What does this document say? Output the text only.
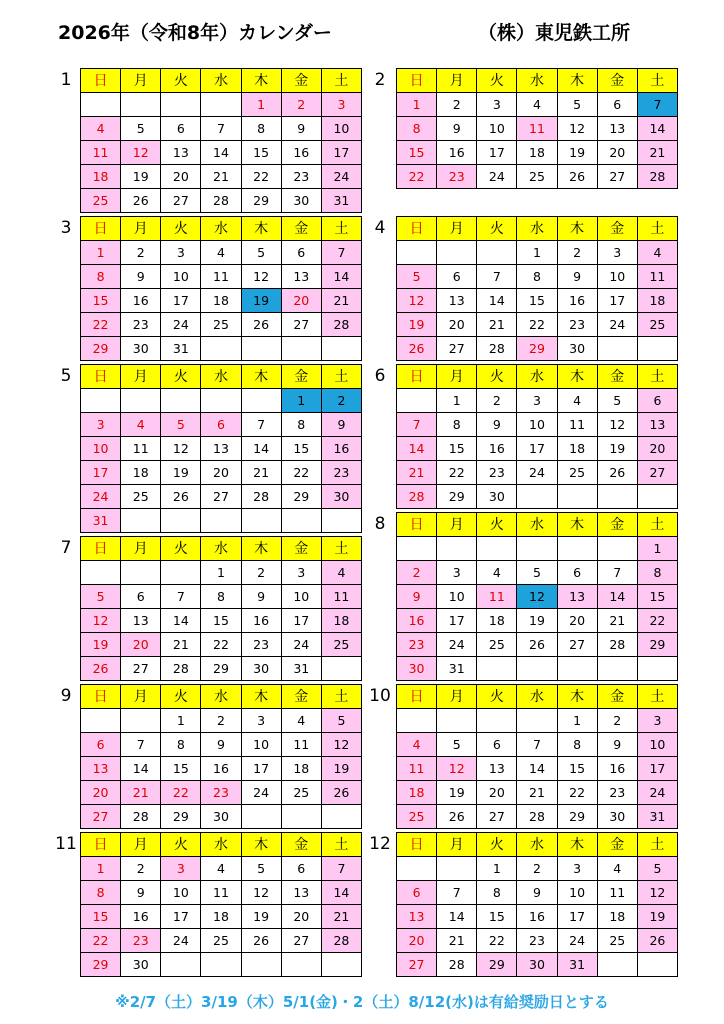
2026年（令和8年）カレンダー	（株）東児鉄工所
1	日	月	火	水	木	金	土
				1	2	3
4	5	6	7	8	9	10
11	12	13	14	15	16	17
18	19	20	21	22	23	24
25	26	27	28	29	30	31
3	日	月	火	水	木	金	土
1	2	3	4	5	6	7
8	9	10	11	12	13	14
15	16	17	18	19	20	21
22	23	24	25	26	27	28
29	30	31				
5	日	月	火	水	木	金	土
					1	2
3	4	5	6	7	8	9
10	11	12	13	14	15	16
17	18	19	20	21	22	23
24	25	26	27	28	29	30
31						
7	日	月	火	水	木	金	土
			1	2	3	4
5	6	7	8	9	10	11
12	13	14	15	16	17	18
19	20	21	22	23	24	25
26	27	28	29	30	31	
9	日	月	火	水	木	金	土
		1	2	3	4	5
6	7	8	9	10	11	12
13	14	15	16	17	18	19
20	21	22	23	24	25	26
27	28	29	30			
11 日	月	火	水	木	金	土
1	2	3	4	5	6	7
8	9	10	11	12	13	14
15	16	17	18	19	20	21
22	23	24	25	26	27	28
29	30					
2	日	月	火	水	木	金	土
1	2	3	4	5	6	7
8	9	10	11	12	13	14
15	16	17	18	19	20	21
22	23	24	25	26	27	28
4	日	月	火	水	木	金	土
			1	2	3	4
5	6	7	8	9	10	11
12	13	14	15	16	17	18
19	20	21	22	23	24	25
26	27	28	29	30		
6	日	月	火	水	木	金	土
	1	2	3	4	5	6
7	8	9	10	11	12	13
14	15	16	17	18	19	20
21	22	23	24	25	26	27
28	29	30				
8	日	月	火	水	木	金	土
						1
2	3	4	5	6	7	8
9	10	11	12	13	14	15
16	17	18	19	20	21	22
23	24	25	26	27	28	29
30	31					
10 日	月	火	水	木	金	土
				1	2	3
4	5	6	7	8	9	10
11	12	13	14	15	16	17
18	19	20	21	22	23	24
25	26	27	28	29	30	31
12 日	月	火	水	木	金	土
		1	2	3	4	5
6	7	8	9	10	11	12
13	14	15	16	17	18	19
20	21	22	23	24	25	26
27	28	29	30	31		
※2/7（土）3/19（木）5/1(金)・2（土）8/12(水)は有給奨励日とする
